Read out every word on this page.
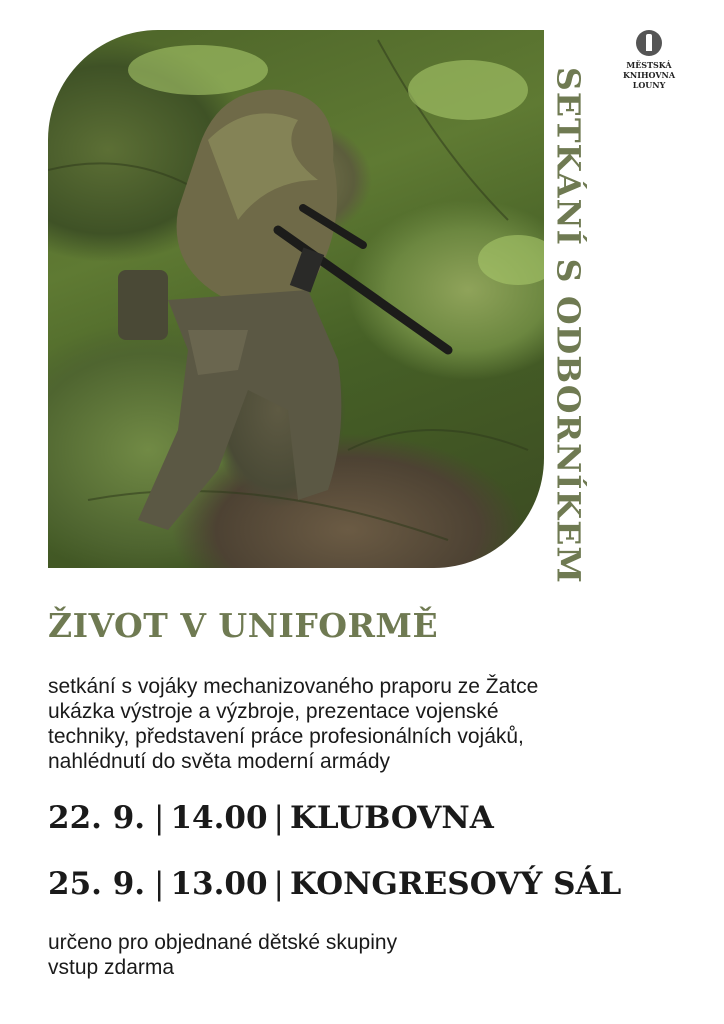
SETKÁNÍ S ODBORNÍKEM
MĚSTSKÁ
KNIHOVNA
LOUNY
ŽIVOT V UNIFORMĚ
setkání s vojáky mechanizovaného praporu ze Žatce
ukázka výstroje a výzbroje, prezentace vojenské
techniky, představení práce profesionálních vojáků,
nahlédnutí do světa moderní armády
22. 9. | 14.00 | KLUBOVNA
25. 9. | 13.00 | KONGRESOVÝ SÁL
určeno pro objednané dětské skupiny
vstup zdarma
